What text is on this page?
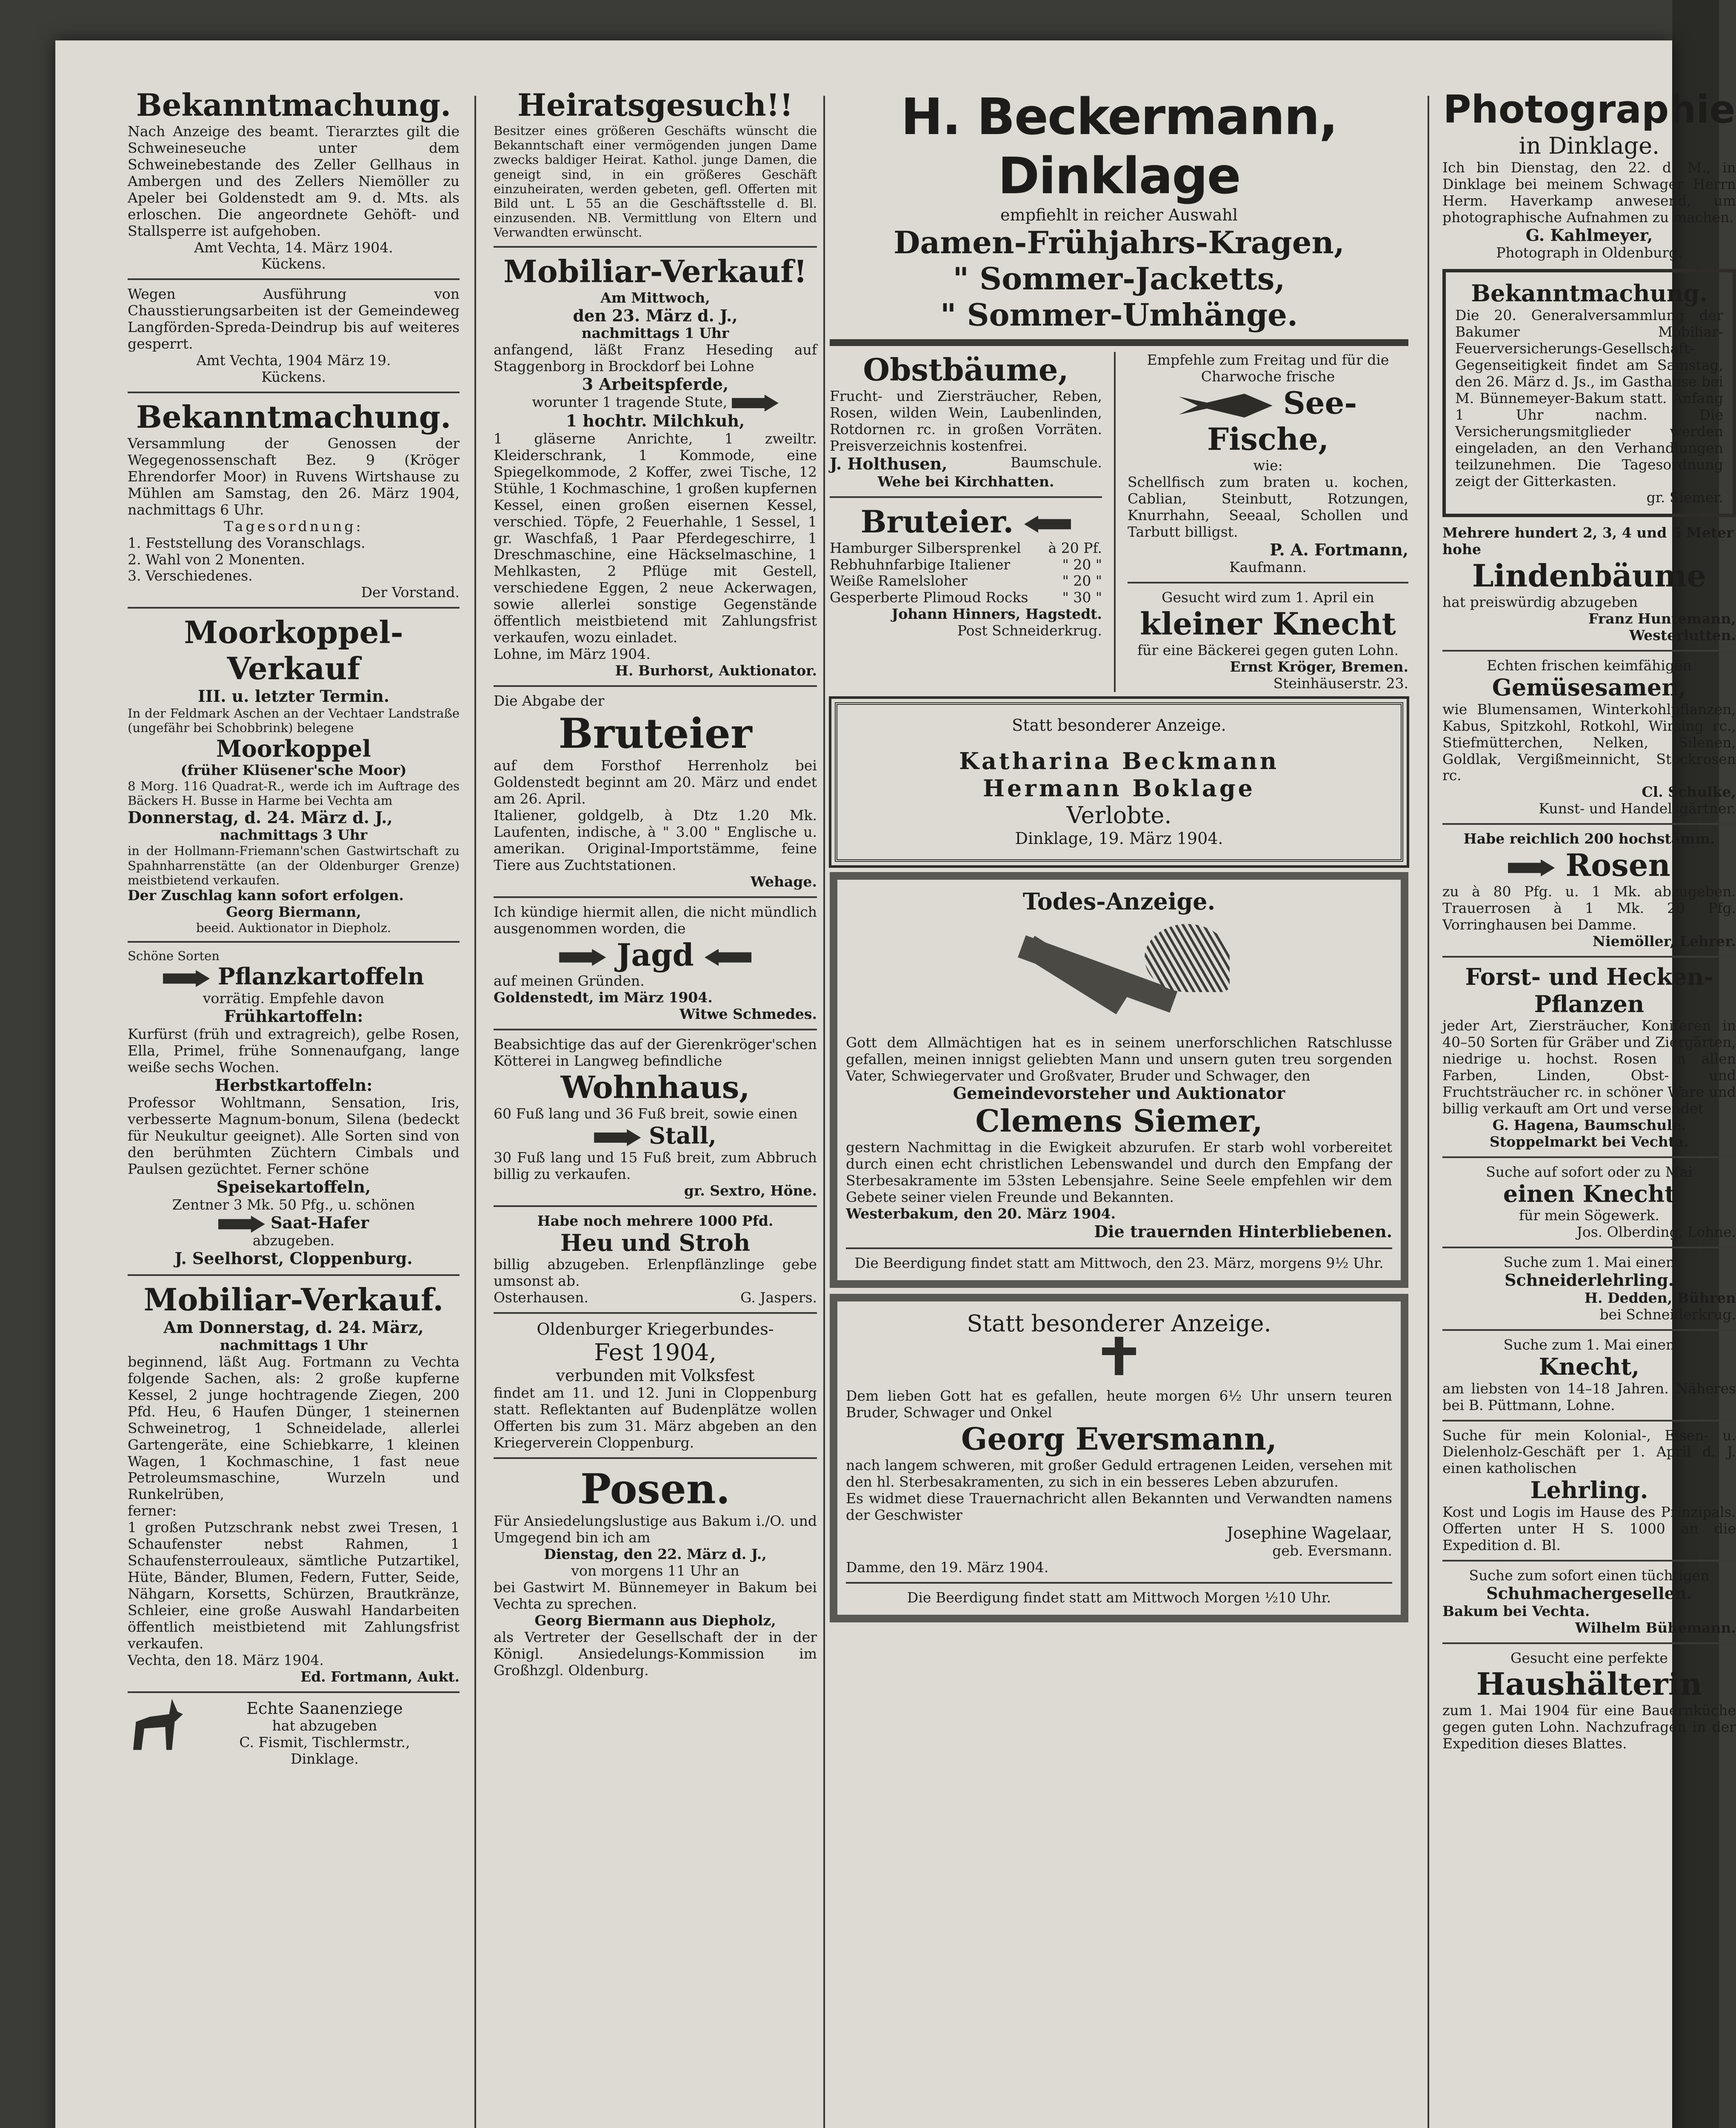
Bekanntmachung.

Nach Anzeige des beamt. Tierarztes gilt die Schweineseuche unter dem Schweinebestande des Zeller Gellhaus in Ambergen und des Zellers Niemöller zu Apeler bei Goldenstedt am 9. d. Mts. als erloschen. Die angeordnete Gehöft- und Stallsperre ist aufgehoben.

Amt Vechta, 14. März 1904.

Kückens.

Wegen Ausführung von Chausstierungsarbeiten ist der Gemeindeweg Langförden-Spreda-Deindrup bis auf weiteres gesperrt.

Amt Vechta, 1904 März 19.

Kückens.

Bekanntmachung.

Versammlung der Genossen der Wegegenossenschaft Bez. 9 (Kröger Ehrendorfer Moor) in Ruvens Wirtshause zu Mühlen am Samstag, den 26. März 1904, nachmittags 6 Uhr.

Tagesordnung:

1. Feststellung des Voranschlags.

2. Wahl von 2 Monenten.

3. Verschiedenes.

Der Vorstand.

Moorkoppel-Verkauf

III. u. letzter Termin.

In der Feldmark Aschen an der Vechtaer Landstraße (ungefähr bei Schobbrink) belegene

Moorkoppel

(früher Klüsener'sche Moor)

8 Morg. 116 Quadrat-R., werde ich im Auftrage des Bäckers H. Busse in Harme bei Vechta am

Donnerstag, d. 24. März d. J.,

nachmittags 3 Uhr

in der Hollmann-Friemann'schen Gastwirtschaft zu Spahnharrenstätte (an der Oldenburger Grenze) meistbietend verkaufen.

Der Zuschlag kann sofort erfolgen.

Georg Biermann,

beeid. Auktionator in Diepholz.

Schöne Sorten

Pflanzkartoffeln

vorrätig. Empfehle davon

Frühkartoffeln:

Kurfürst (früh und extragreich), gelbe Rosen, Ella, Primel, frühe Sonnenaufgang, lange weiße sechs Wochen.

Herbstkartoffeln:

Professor Wohltmann, Sensation, Iris, verbesserte Magnum-bonum, Silena (bedeckt für Neukultur geeignet). Alle Sorten sind von den berühmten Züchtern Cimbals und Paulsen gezüchtet. Ferner schöne

Speisekartoffeln,

Zentner 3 Mk. 50 Pfg., u. schönen

Saat-Hafer

abzugeben.

J. Seelhorst, Cloppenburg.

Mobiliar-Verkauf.

Am Donnerstag, d. 24. März,

nachmittags 1 Uhr

beginnend, läßt Aug. Fortmann zu Vechta folgende Sachen, als: 2 große kupferne Kessel, 2 junge hochtragende Ziegen, 200 Pfd. Heu, 6 Haufen Dünger, 1 steinernen Schweinetrog, 1 Schneidelade, allerlei Gartengeräte, eine Schiebkarre, 1 kleinen Wagen, 1 Kochmaschine, 1 fast neue Petroleumsmaschine, Wurzeln und Runkelrüben,

ferner:

1 großen Putzschrank nebst zwei Tresen, 1 Schaufenster nebst Rahmen, 1 Schaufensterrouleaux, sämtliche Putzartikel, Hüte, Bänder, Blumen, Federn, Futter, Seide, Nähgarn, Korsetts, Schürzen, Brautkränze, Schleier, eine große Auswahl Handarbeiten öffentlich meistbietend mit Zahlungsfrist verkaufen.

Vechta, den 18. März 1904.

Ed. Fortmann, Aukt.

Echte Saanenziege

hat abzugeben

C. Fismit, Tischlermstr.,

Dinklage.

Heiratsgesuch!!

Besitzer eines größeren Geschäfts wünscht die Bekanntschaft einer vermögenden jungen Dame zwecks baldiger Heirat. Kathol. junge Damen, die geneigt sind, in ein größeres Geschäft einzuheiraten, werden gebeten, gefl. Offerten mit Bild unt. L 55 an die Geschäftsstelle d. Bl. einzusenden. NB. Vermittlung von Eltern und Verwandten erwünscht.

Mobiliar-Verkauf!

Am Mittwoch,

den 23. März d. J.,

nachmittags 1 Uhr

anfangend, läßt Franz Heseding auf Staggenborg in Brockdorf bei Lohne

3 Arbeitspferde,

worunter 1 tragende Stute,

1 hochtr. Milchkuh,

1 gläserne Anrichte, 1 zweiltr. Kleiderschrank, 1 Kommode, eine Spiegelkommode, 2 Koffer, zwei Tische, 12 Stühle, 1 Kochmaschine, 1 großen kupfernen Kessel, einen großen eisernen Kessel, verschied. Töpfe, 2 Feuerhahle, 1 Sessel, 1 gr. Waschfaß, 1 Paar Pferdegeschirre, 1 Dreschmaschine, eine Häckselmaschine, 1 Mehlkasten, 2 Pflüge mit Gestell, verschiedene Eggen, 2 neue Ackerwagen, sowie allerlei sonstige Gegenstände öffentlich meistbietend mit Zahlungsfrist verkaufen, wozu einladet.

Lohne, im März 1904.

H. Burhorst, Auktionator.

Die Abgabe der

Bruteier

auf dem Forsthof Herrenholz bei Goldenstedt beginnt am 20. März und endet am 26. April.

Italiener, goldgelb, à Dtz 1.20 Mk. Laufenten, indische, à " 3.00 " Englische u. amerikan. Original-Importstämme, feine Tiere aus Zuchtstationen.

Wehage.

Ich kündige hiermit allen, die nicht mündlich ausgenommen worden, die

Jagd

auf meinen Gründen.

Goldenstedt, im März 1904.

Witwe Schmedes.

Beabsichtige das auf der Gierenkröger'schen Kötterei in Langweg befindliche

Wohnhaus,

60 Fuß lang und 36 Fuß breit, sowie einen

Stall,

30 Fuß lang und 15 Fuß breit, zum Abbruch billig zu verkaufen.

gr. Sextro, Höne.

Habe noch mehrere 1000 Pfd.

Heu und Stroh

billig abzugeben. Erlenpflänzlinge gebe umsonst ab.

Osterhausen.	G. Jaspers.

Oldenburger Kriegerbundes-

Fest 1904,

verbunden mit Volksfest

findet am 11. und 12. Juni in Cloppenburg statt. Reflektanten auf Budenplätze wollen Offerten bis zum 31. März abgeben an den Kriegerverein Cloppenburg.

Posen.

Für Ansiedelungslustige aus Bakum i./O. und Umgegend bin ich am

Dienstag, den 22. März d. J.,

von morgens 11 Uhr an

bei Gastwirt M. Bünnemeyer in Bakum bei Vechta zu sprechen.

Georg Biermann aus Diepholz,

als Vertreter der Gesellschaft der in der Königl. Ansiedelungs-Kommission im Großhzgl. Oldenburg.

H. Beckermann, Dinklage

empfiehlt in reicher Auswahl

Damen-Frühjahrs-Kragen,

" Sommer-Jacketts,

" Sommer-Umhänge.

Obstbäume,

Frucht- und Ziersträucher, Reben, Rosen, wilden Wein, Laubenlinden, Rotdornen rc. in großen Vorräten. Preisverzeichnis kostenfrei.

J. Holthusen,	Baumschule.

Wehe bei Kirchhatten.

Bruteier.

Hamburger Silbersprenkel à 20 Pf.
Rebhuhnfarbige Italiener	" 20 "
Weiße Ramelsloher	" 20 "
Gesperberte Plimoud Rocks " 30 "

Johann Hinners, Hagstedt.

Post Schneiderkrug.

Empfehle zum Freitag und für die Charwoche frische

See-Fische,

wie:

Schellfisch zum braten u. kochen, Cablian, Steinbutt, Rotzungen, Knurrhahn, Seeaal, Schollen und Tarbutt billigst.

P. A. Fortmann,

Kaufmann.

Gesucht wird zum 1. April ein

kleiner Knecht

für eine Bäckerei gegen guten Lohn.

Ernst Kröger, Bremen.

Steinhäuserstr. 23.

Statt besonderer Anzeige.

Katharina Beckmann

Hermann Boklage

Verlobte.

Dinklage, 19. März 1904.

Todes-Anzeige.

Gott dem Allmächtigen hat es in seinem unerforschlichen Ratschlusse gefallen, meinen innigst geliebten Mann und unsern guten treu sorgenden Vater, Schwiegervater und Großvater, Bruder und Schwager, den

Gemeindevorsteher und Auktionator

Clemens Siemer,

gestern Nachmittag in die Ewigkeit abzurufen. Er starb wohl vorbereitet durch einen echt christlichen Lebenswandel und durch den Empfang der Sterbesakramente im 53sten Lebensjahre. Seine Seele empfehlen wir dem Gebete seiner vielen Freunde und Bekannten.

Westerbakum, den 20. März 1904.

Die trauernden Hinterbliebenen.

Die Beerdigung findet statt am Mittwoch, den 23. März, morgens 9½ Uhr.

Statt besonderer Anzeige.

Dem lieben Gott hat es gefallen, heute morgen 6½ Uhr unsern teuren Bruder, Schwager und Onkel

Georg Eversmann,

nach langem schweren, mit großer Geduld ertragenen Leiden, versehen mit den hl. Sterbesakramenten, zu sich in ein besseres Leben abzurufen.

Es widmet diese Trauernachricht allen Bekannten und Verwandten namens der Geschwister

Josephine Wagelaar,

geb. Eversmann.

Damme, den 19. März 1904.

Die Beerdigung findet statt am Mittwoch Morgen ½10 Uhr.

Photographie

in Dinklage.

Ich bin Dienstag, den 22. d. M., in Dinklage bei meinem Schwager Herrn Herm. Haverkamp anwesend, um photographische Aufnahmen zu machen.

G. Kahlmeyer,

Photograph in Oldenburg.

Bekanntmachung.

Die 20. Generalversammlung der Bakumer Mobiliar-Feuerversicherungs-Gesellschaft-Gegenseitigkeit findet am Samstag, den 26. März d. Js., im Gasthause bei M. Bünnemeyer-Bakum statt. Anfang 1 Uhr nachm. Die Versicherungsmitglieder werden eingeladen, an den Verhandlungen teilzunehmen. Die Tagesordnung zeigt der Gitterkasten.

gr. Siemer.

Mehrere hundert 2, 3, 4 und 5 Meter hohe

Lindenbäume

hat preiswürdig abzugeben

Franz Huntemann,

Westerlutten.

Echten frischen keimfähigen

Gemüsesamen,

wie Blumensamen, Winterkohlpflanzen, Kabus, Spitzkohl, Rotkohl, Wirsing rc., Stiefmütterchen, Nelken, Silenen, Goldlak, Vergißmeinnicht, Stockrosen rc.

Cl. Schulke,

Kunst- und Handelsgärtner.

Habe reichlich 200 hochstämm.

Rosen

zu à 80 Pfg. u. 1 Mk. abzugeben. Trauerrosen à 1 Mk. 20 Pfg. Vorringhausen bei Damme.

Niemöller, Lehrer.

Forst- und Hecken-

Pflanzen

jeder Art, Ziersträucher, Koniferen in 40–50 Sorten für Gräber und Ziergärten, niedrige u. hochst. Rosen in allen Farben, Linden, Obst- und Fruchtsträucher rc. in schöner Ware und billig verkauft am Ort und versendet

G. Hagena, Baumschule.

Stoppelmarkt bei Vechta.

Suche auf sofort oder zu Mai

einen Knecht

für mein Sögewerk.

Jos. Olberding, Lohne.

Suche zum 1. Mai einen

Schneiderlehrling.

H. Dedden, Bühren

bei Schneiderkrug.

Suche zum 1. Mai einen

Knecht,

am liebsten von 14–18 Jahren. Näheres bei B. Püttmann, Lohne.

Suche für mein Kolonial-, Eisen- u. Dielenholz-Geschäft per 1. April d. J. einen katholischen

Lehrling.

Kost und Logis im Hause des Prinzipals. Offerten unter H S. 1000 an die Expedition d. Bl.

Suche zum sofort einen tüchtigen

Schuhmachergesellen.

Bakum bei Vechta.

Wilhelm Bühemann.

Gesucht eine perfekte

Haushälterin

zum 1. Mai 1904 für eine Bauernküche gegen guten Lohn. Nachzufragen in der Expedition dieses Blattes.
